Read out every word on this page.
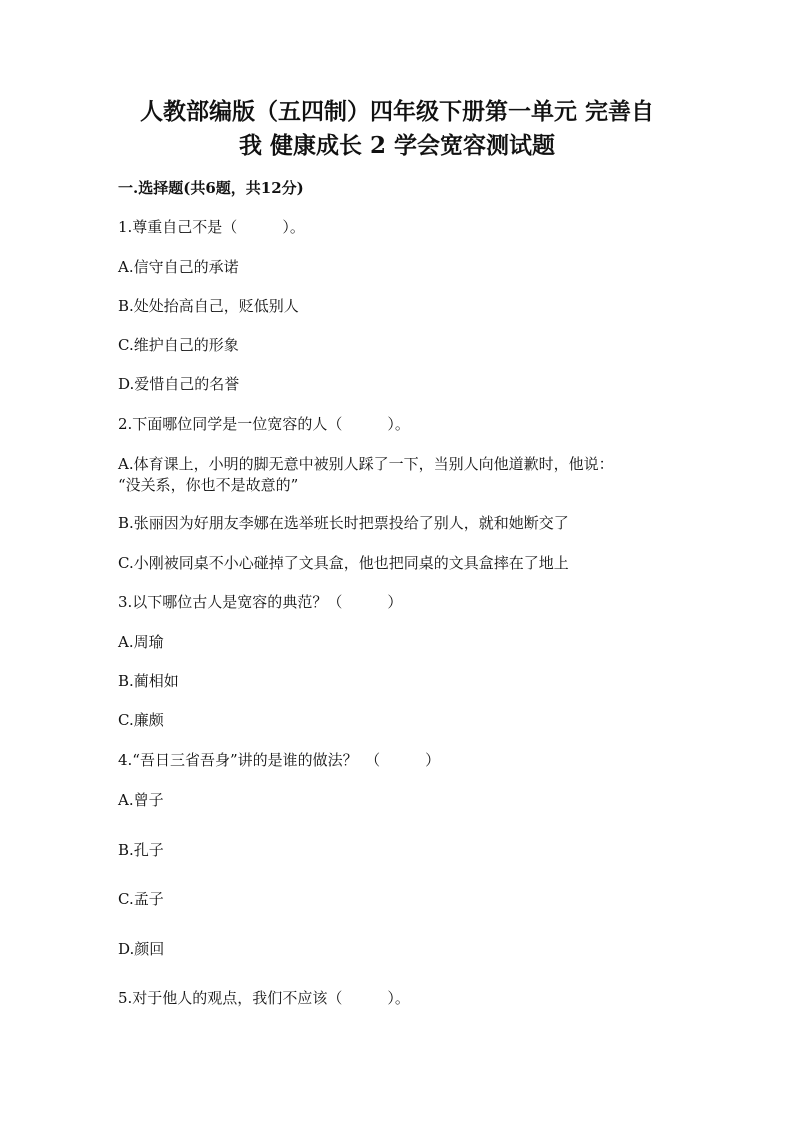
人教部编版（五四制）四年级下册第一单元 完善自
我 健康成长 2 学会宽容测试题

一.选择题(共6题，共12分)

1.尊重自己不是（　　　）。

A.信守自己的承诺

B.处处抬高自己，贬低别人

C.维护自己的形象

D.爱惜自己的名誉

2.下面哪位同学是一位宽容的人（　　　）。

A.体育课上，小明的脚无意中被别人踩了一下，当别人向他道歉时，他说：

“没关系，你也不是故意的”

B.张丽因为好朋友李娜在选举班长时把票投给了别人，就和她断交了

C.小刚被同桌不小心碰掉了文具盒，他也把同桌的文具盒摔在了地上

3.以下哪位古人是宽容的典范？（　　　）

A.周瑜

B.蔺相如

C.廉颇

4.“吾日三省吾身”讲的是谁的做法？　（　　　）

A.曾子

B.孔子

C.孟子

D.颜回

5.对于他人的观点，我们不应该（　　　）。
